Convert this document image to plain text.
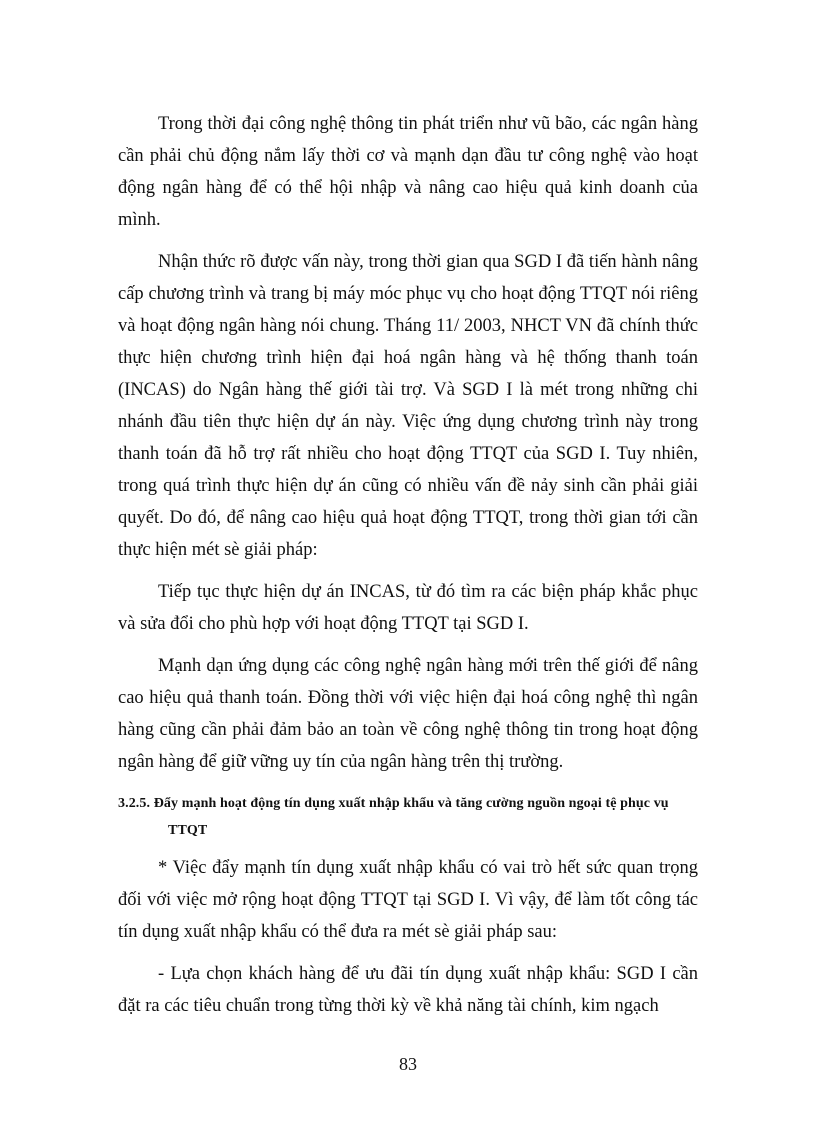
Trong thời đại công nghệ thông tin phát triển như vũ bão, các ngân hàng cần phải chủ động nắm lấy thời cơ và mạnh dạn đầu tư công nghệ vào hoạt động ngân hàng để có thể hội nhập và nâng cao hiệu quả kinh doanh của mình.

Nhận thức rõ được vấn này, trong thời gian qua SGD I đã tiến hành nâng cấp chương trình và trang bị máy móc phục vụ cho hoạt động TTQT nói riêng và hoạt động ngân hàng nói chung. Tháng 11/ 2003, NHCT VN đã chính thức thực hiện chương trình hiện đại hoá ngân hàng và hệ thống thanh toán (INCAS) do Ngân hàng thế giới tài trợ. Và SGD I là mét trong những chi nhánh đầu tiên thực hiện dự án này. Việc ứng dụng chương trình này trong thanh toán đã hỗ trợ rất nhiều cho hoạt động TTQT của SGD I. Tuy nhiên, trong quá trình thực hiện dự án cũng có nhiều vấn đề nảy sinh cần phải giải quyết. Do đó, để nâng cao hiệu quả hoạt động TTQT, trong thời gian tới cần thực hiện mét sè giải pháp:

Tiếp tục thực hiện dự án INCAS, từ đó tìm ra các biện pháp khắc phục và sửa đổi cho phù hợp với hoạt động TTQT tại SGD I.

Mạnh dạn ứng dụng các công nghệ ngân hàng mới trên thế giới để nâng cao hiệu quả thanh toán. Đồng thời với việc hiện đại hoá công nghệ thì ngân hàng cũng cần phải đảm bảo an toàn về công nghệ thông tin trong hoạt động ngân hàng để giữ vững uy tín của ngân hàng trên thị trường.

3.2.5. Đẩy mạnh hoạt động tín dụng xuất nhập khẩu và tăng cường nguồn ngoại tệ phục vụ TTQT

* Việc đẩy mạnh tín dụng xuất nhập khẩu có vai trò hết sức quan trọng đối với việc mở rộng hoạt động TTQT tại SGD I. Vì vậy, để làm tốt công tác tín dụng xuất nhập khẩu có thể đưa ra mét sè giải pháp sau:

- Lựa chọn khách hàng để ưu đãi tín dụng xuất nhập khẩu: SGD I cần đặt ra các tiêu chuẩn trong từng thời kỳ về khả năng tài chính, kim ngạch

83
